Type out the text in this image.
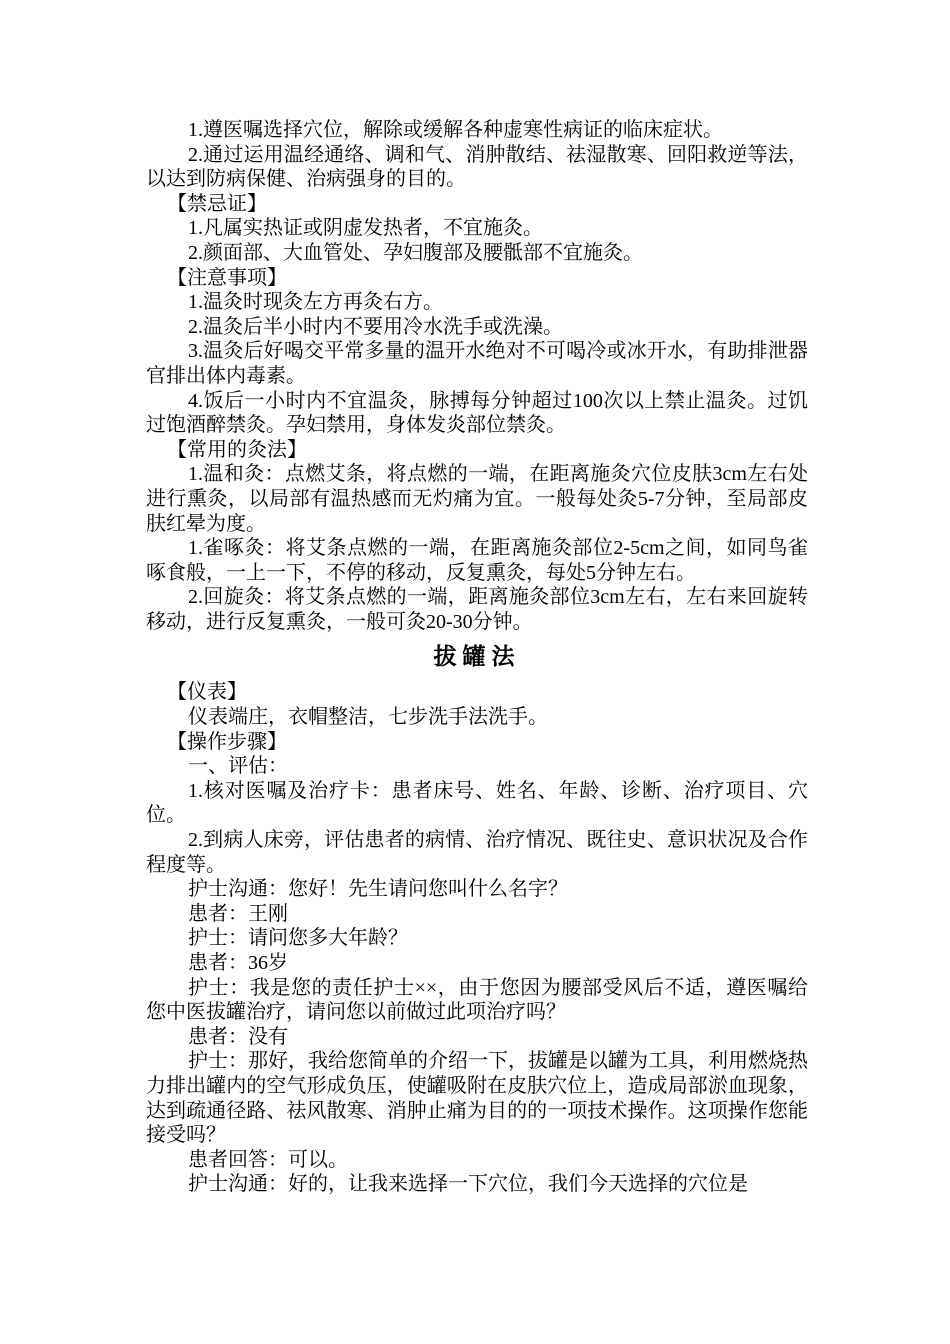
1.遵医嘱选择穴位，解除或缓解各种虚寒性病证的临床症状。

2.通过运用温经通络、调和气、消肿散结、祛湿散寒、回阳救逆等法，以达到防病保健、治病强身的目的。

【禁忌证】

1.凡属实热证或阴虚发热者，不宜施灸。

2.颜面部、大血管处、孕妇腹部及腰骶部不宜施灸。

【注意事项】

1.温灸时现灸左方再灸右方。

2.温灸后半小时内不要用冷水洗手或洗澡。

3.温灸后好喝交平常多量的温开水绝对不可喝冷或冰开水，有助排泄器官排出体内毒素。

4.饭后一小时内不宜温灸，脉搏每分钟超过100次以上禁止温灸。过饥过饱酒醉禁灸。孕妇禁用，身体发炎部位禁灸。

【常用的灸法】

1.温和灸：点燃艾条，将点燃的一端，在距离施灸穴位皮肤3cm左右处进行熏灸，以局部有温热感而无灼痛为宜。一般每处灸5-7分钟，至局部皮肤红晕为度。

1.雀啄灸：将艾条点燃的一端，在距离施灸部位2-5cm之间，如同鸟雀啄食般，一上一下，不停的移动，反复熏灸，每处5分钟左右。

2.回旋灸：将艾条点燃的一端，距离施灸部位3cm左右，左右来回旋转移动，进行反复熏灸，一般可灸20-30分钟。

拔罐法

【仪表】

仪表端庄，衣帽整洁，七步洗手法洗手。

【操作步骤】

一、评估：

1.核对医嘱及治疗卡：患者床号、姓名、年龄、诊断、治疗项目、穴位。

2.到病人床旁，评估患者的病情、治疗情况、既往史、意识状况及合作程度等。

护士沟通：您好！先生请问您叫什么名字？

患者：王刚

护士：请问您多大年龄？

患者：36岁

护士：我是您的责任护士××，由于您因为腰部受风后不适，遵医嘱给您中医拔罐治疗，请问您以前做过此项治疗吗？

患者：没有

护士：那好，我给您简单的介绍一下，拔罐是以罐为工具，利用燃烧热力排出罐内的空气形成负压，使罐吸附在皮肤穴位上，造成局部淤血现象，达到疏通径路、祛风散寒、消肿止痛为目的的一项技术操作。这项操作您能接受吗？

患者回答：可以。

护士沟通：好的，让我来选择一下穴位，我们今天选择的穴位是
